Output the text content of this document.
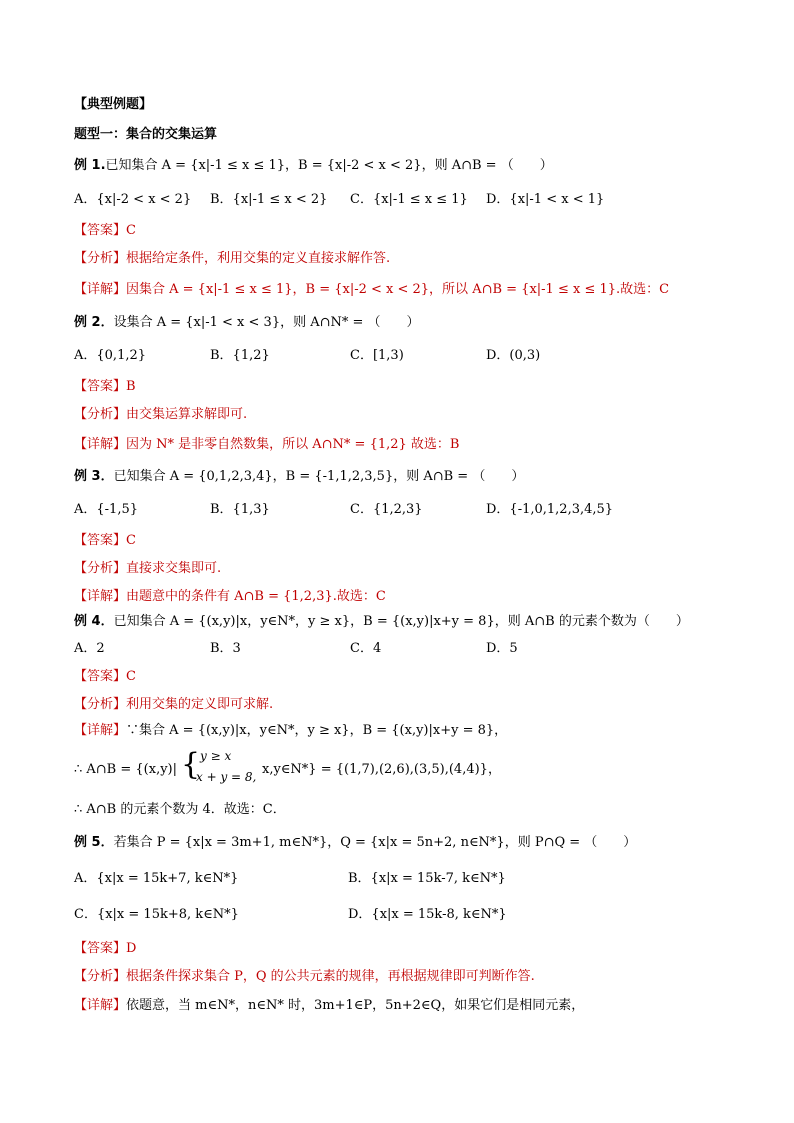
【典型例题】
题型一：集合的交集运算
例 1.已知集合 A = {x|-1 ≤ x ≤ 1}，B = {x|-2 < x < 2}，则 A∩B = （　　）
A．{x|-2 < x < 2} B．{x|-1 ≤ x < 2} C．{x|-1 ≤ x ≤ 1} D．{x|-1 < x < 1}
【答案】C
【分析】根据给定条件，利用交集的定义直接求解作答.
【详解】因集合 A = {x|-1 ≤ x ≤ 1}，B = {x|-2 < x < 2}，所以 A∩B = {x|-1 ≤ x ≤ 1}.故选：C
例 2．设集合 A = {x|-1 < x < 3}，则 A∩N* = （　　）
A．{0,1,2}	B．{1,2}	C．[1,3)	D．(0,3)
【答案】B
【分析】由交集运算求解即可.
【详解】因为 N* 是非零自然数集，所以 A∩N* = {1,2} 故选：B
例 3．已知集合 A = {0,1,2,3,4}，B = {-1,1,2,3,5}，则 A∩B = （　　）
A．{-1,5}	B．{1,3}	C．{1,2,3}	D．{-1,0,1,2,3,4,5}
【答案】C
【分析】直接求交集即可.
【详解】由题意中的条件有 A∩B = {1,2,3}.故选：C
例 4．已知集合 A = {(x,y)|x，y∈N*，y ≥ x}，B = {(x,y)|x+y = 8}，则 A∩B 的元素个数为（　　）
A．2	B．3	C．4	D．5
【答案】C
【分析】利用交集的定义即可求解.
【详解】∵集合 A = {(x,y)|x，y∈N*，y ≥ x}，B = {(x,y)|x+y = 8}，
∴ A∩B = {(x,y)| { y ≥ x
x + y = 8, x,y∈N*} = {(1,7),(2,6),(3,5),(4,4)}，
∴ A∩B 的元素个数为 4．故选：C．
例 5．若集合 P = {x|x = 3m+1, m∈N*}，Q = {x|x = 5n+2, n∈N*}，则 P∩Q = （　　）
A．{x|x = 15k+7, k∈N*}	B．{x|x = 15k-7, k∈N*}
C．{x|x = 15k+8, k∈N*}	D．{x|x = 15k-8, k∈N*}
【答案】D
【分析】根据条件探求集合 P，Q 的公共元素的规律，再根据规律即可判断作答.
【详解】依题意，当 m∈N*，n∈N* 时，3m+1∈P，5n+2∈Q，如果它们是相同元素，
